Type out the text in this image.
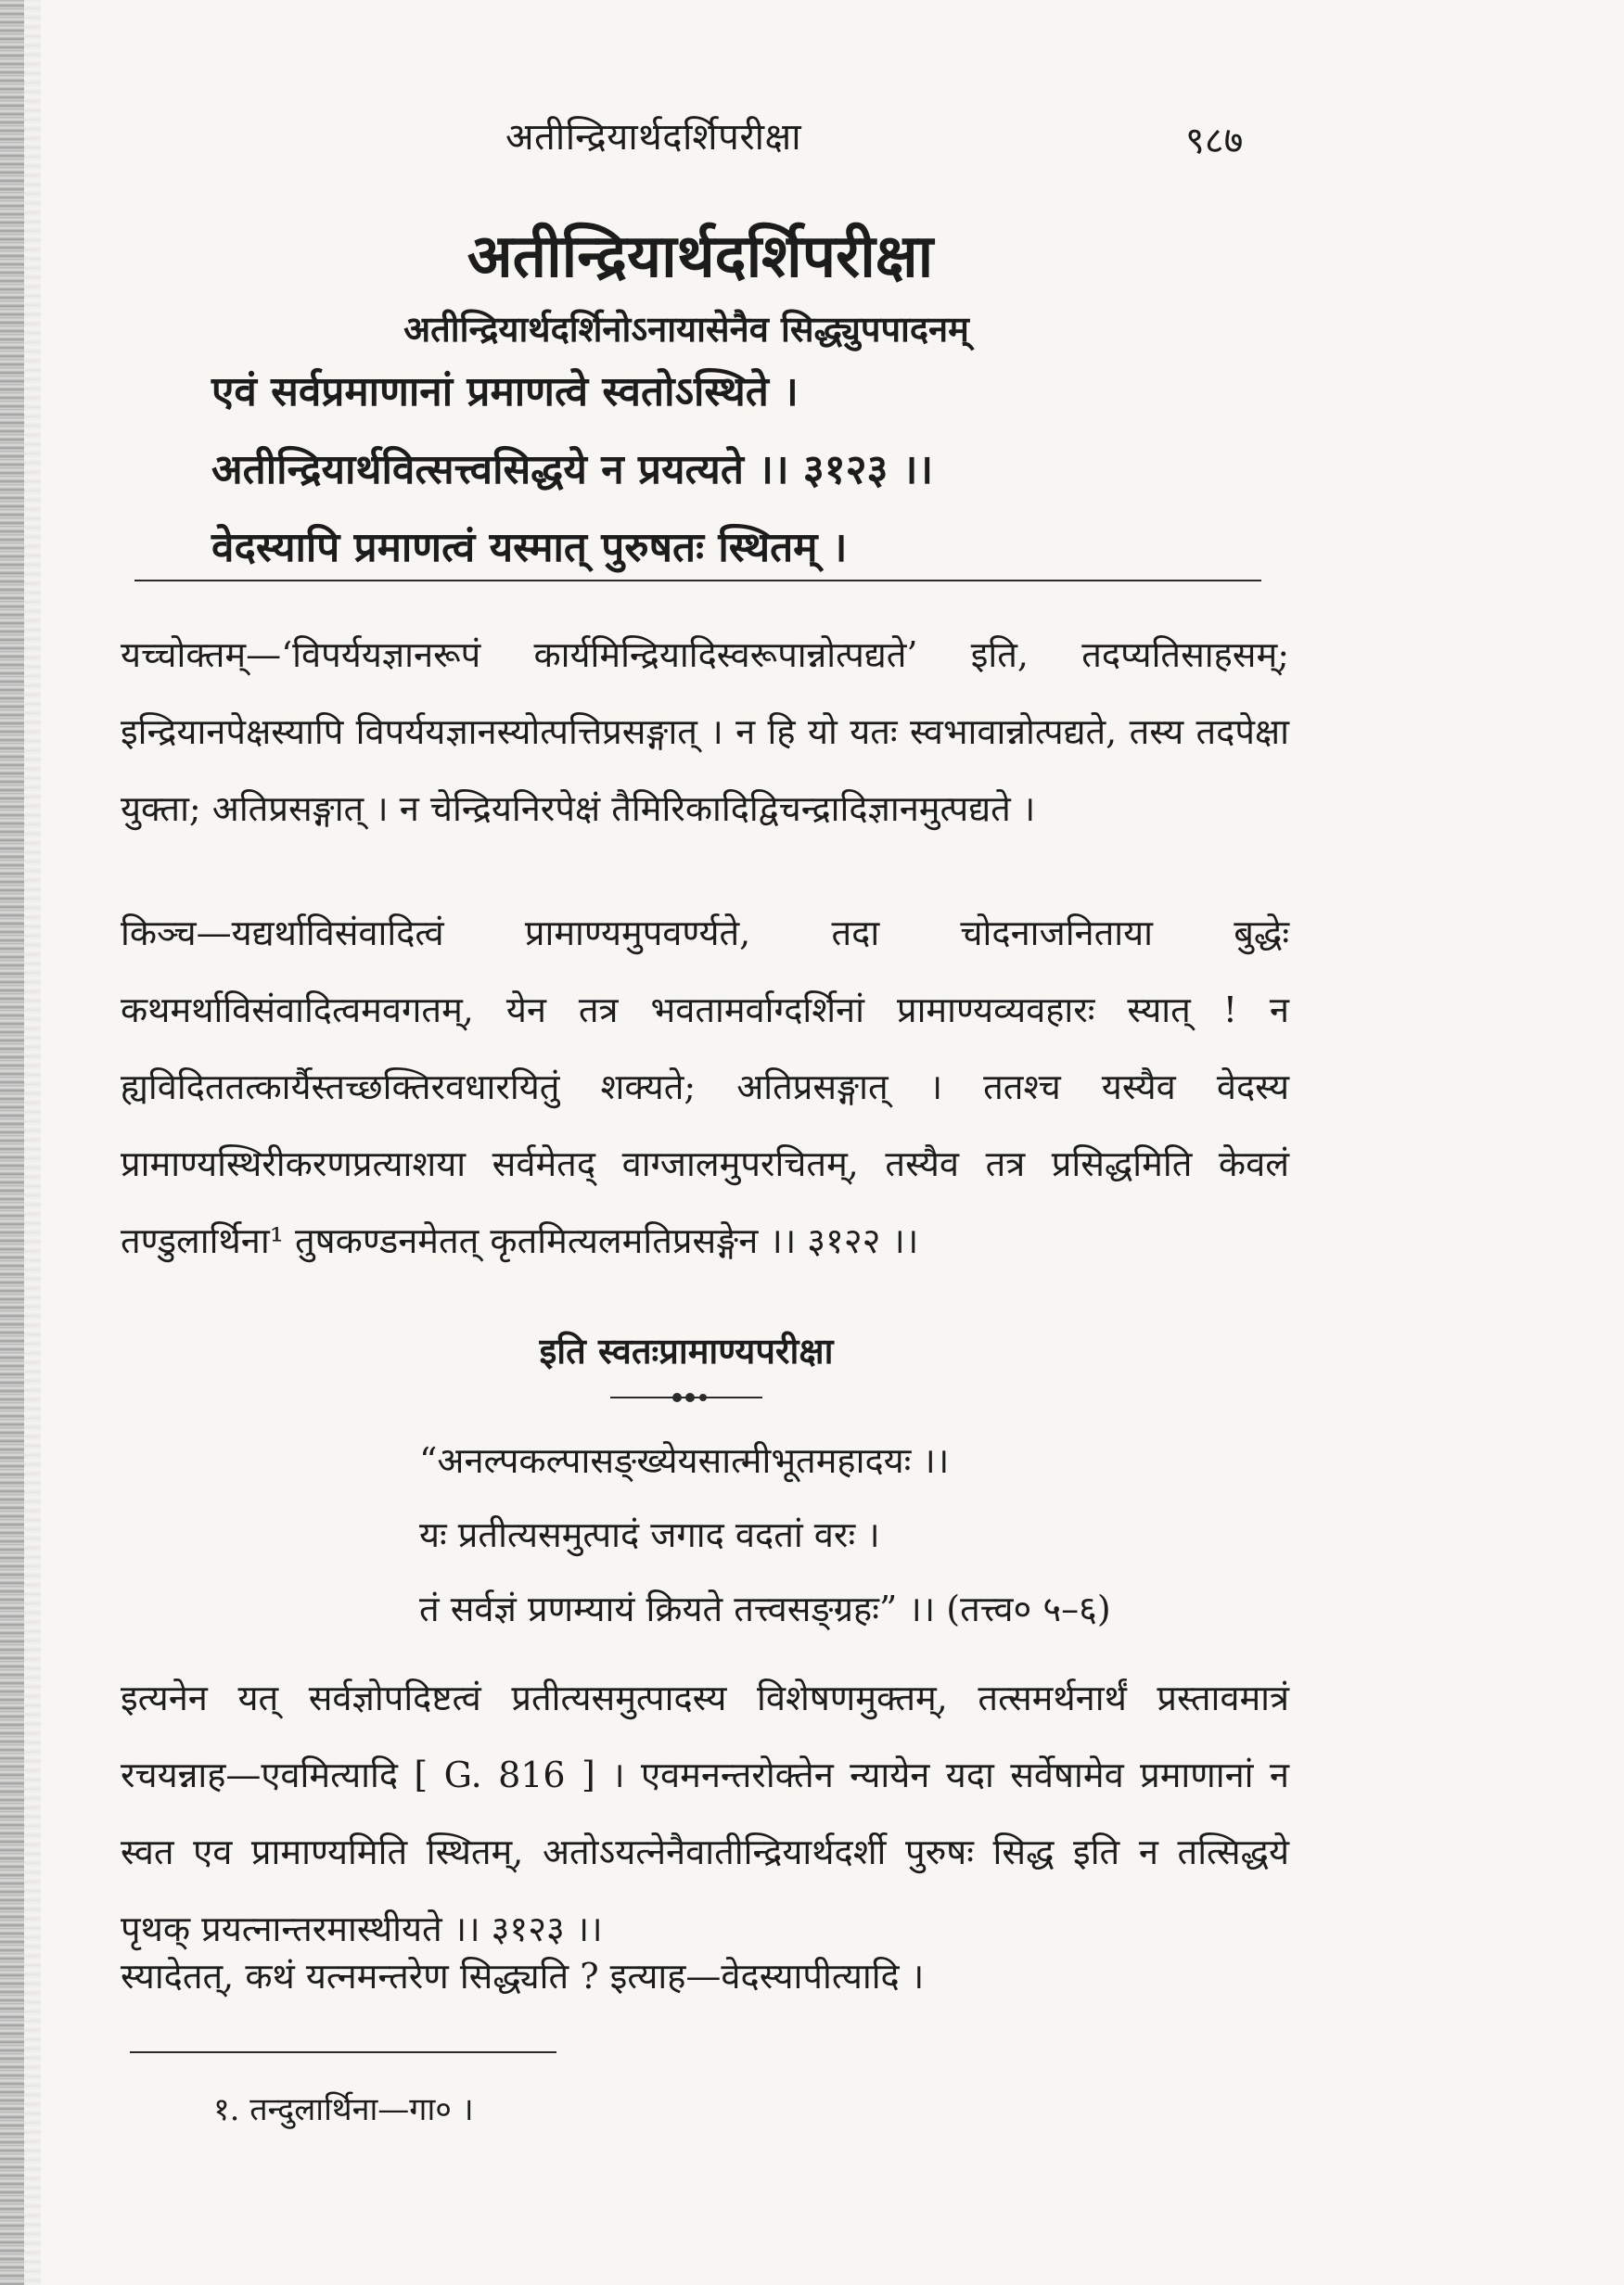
अतीन्द्रियार्थदर्शिपरीक्षा	९८७
अतीन्द्रियार्थदर्शिपरीक्षा
अतीन्द्रियार्थदर्शिनोऽनायासेनैव सिद्ध्युपपादनम्
एवं सर्वप्रमाणानां प्रमाणत्वे स्वतोऽस्थिते ।
अतीन्द्रियार्थवित्सत्त्वसिद्धये न प्रयत्यते ।। ३१२३ ।।
वेदस्यापि प्रमाणत्वं यस्मात् पुरुषतः स्थितम् ।
यच्चोक्तम्—‘विपर्ययज्ञानरूपं कार्यमिन्द्रियादिस्वरूपान्नोत्पद्यते’ इति, तदप्यतिसाहसम्; इन्द्रियानपेक्षस्यापि विपर्ययज्ञानस्योत्पत्तिप्रसङ्गात् । न हि यो यतः स्वभावान्नोत्पद्यते, तस्य तदपेक्षा युक्ता; अतिप्रसङ्गात् । न चेन्द्रियनिरपेक्षं तैमिरिकादिद्विचन्द्रादिज्ञानमुत्पद्यते ।
किञ्च—यद्यर्थाविसंवादित्वं प्रामाण्यमुपवर्ण्यते, तदा चोदनाजनिताया बुद्धेः कथमर्थाविसंवादित्वमवगतम्, येन तत्र भवतामर्वाग्दर्शिनां प्रामाण्यव्यवहारः स्यात् ! न ह्यविदिततत्कार्यैस्तच्छक्तिरवधारयितुं शक्यते; अतिप्रसङ्गात् । ततश्च यस्यैव वेदस्य प्रामाण्यस्थिरीकरणप्रत्याशया सर्वमेतद् वाग्जालमुपरचितम्, तस्यैव तत्र प्रसिद्धमिति केवलं तण्डुलार्थिना¹ तुषकण्डनमेतत् कृतमित्यलमतिप्रसङ्गेन ।। ३१२२ ।।
इति स्वतःप्रामाण्यपरीक्षा
“अनल्पकल्पासङ्ख्येयसात्मीभूतमहादयः ।।
यः प्रतीत्यसमुत्पादं जगाद वदतां वरः ।
तं सर्वज्ञं प्रणम्यायं क्रियते तत्त्वसङ्ग्रहः” ।। (तत्त्व० ५–६)
इत्यनेन यत् सर्वज्ञोपदिष्टत्वं प्रतीत्यसमुत्पादस्य विशेषणमुक्तम्, तत्समर्थनार्थं प्रस्तावमात्रं रचयन्नाह—एवमित्यादि [ G. 816 ] । एवमनन्तरोक्तेन न्यायेन यदा सर्वेषामेव प्रमाणानां न स्वत एव प्रामाण्यमिति स्थितम्, अतोऽयत्नेनैवातीन्द्रियार्थदर्शी पुरुषः सिद्ध इति न तत्सिद्धये पृथक् प्रयत्नान्तरमास्थीयते ।। ३१२३ ।।
स्यादेतत्, कथं यत्नमन्तरेण सिद्ध्यति ? इत्याह—वेदस्यापीत्यादि ।
१. तन्दुलार्थिना—गा० ।
